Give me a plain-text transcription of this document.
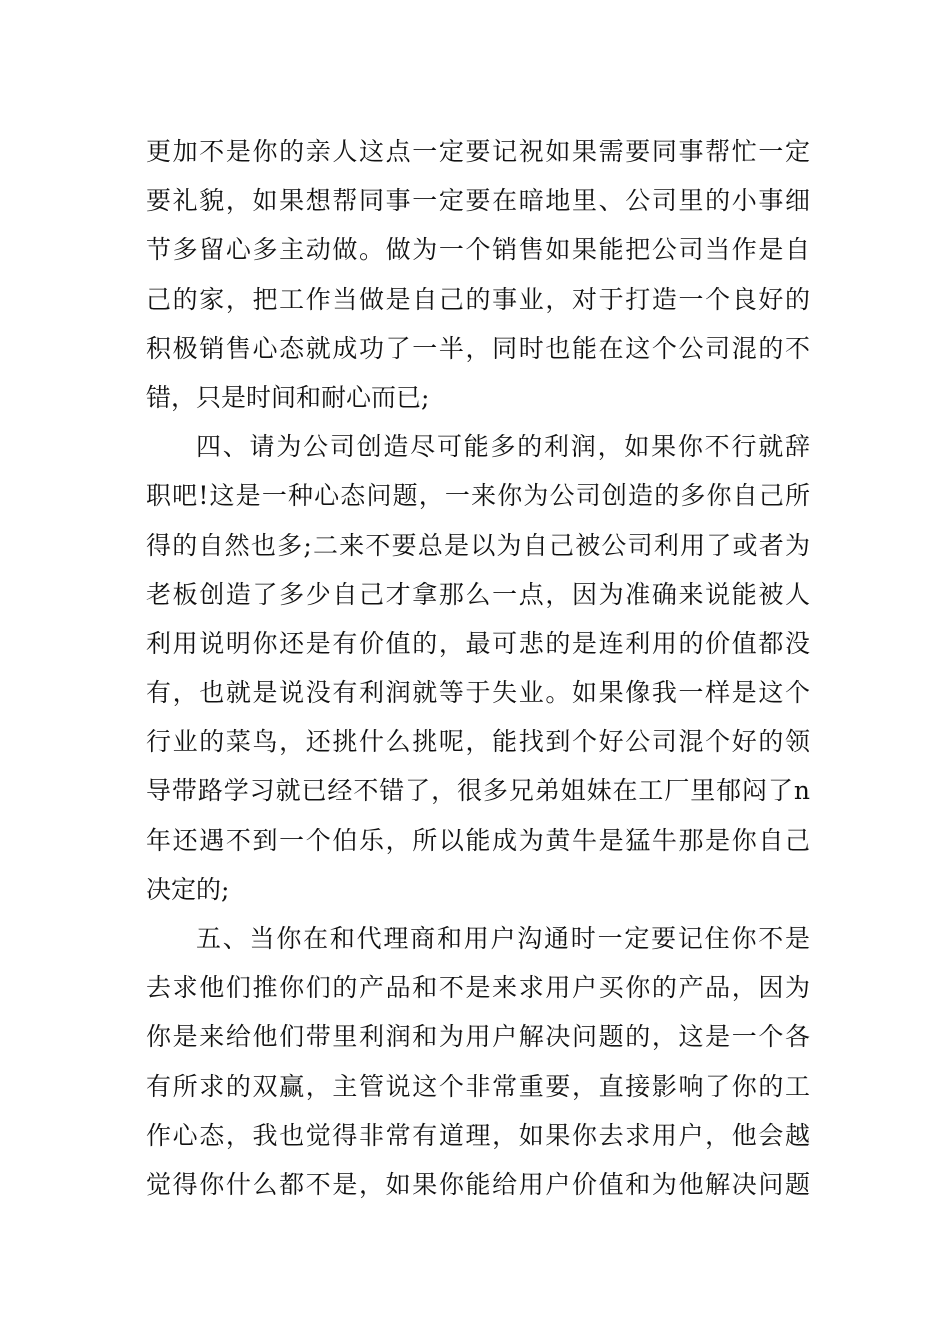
更加不是你的亲人这点一定要记祝如果需要同事帮忙一定
要礼貌，如果想帮同事一定要在暗地里、公司里的小事细
节多留心多主动做。做为一个销售如果能把公司当作是自
己的家，把工作当做是自己的事业，对于打造一个良好的
积极销售心态就成功了一半，同时也能在这个公司混的不
错，只是时间和耐心而已;
四、请为公司创造尽可能多的利润，如果你不行就辞
职吧!这是一种心态问题，一来你为公司创造的多你自己所
得的自然也多;二来不要总是以为自己被公司利用了或者为
老板创造了多少自己才拿那么一点，因为准确来说能被人
利用说明你还是有价值的，最可悲的是连利用的价值都没
有，也就是说没有利润就等于失业。如果像我一样是这个
行业的菜鸟，还挑什么挑呢，能找到个好公司混个好的领
导带路学习就已经不错了，很多兄弟姐妹在工厂里郁闷了n
年还遇不到一个伯乐，所以能成为黄牛是猛牛那是你自己
决定的;
五、当你在和代理商和用户沟通时一定要记住你不是
去求他们推你们的产品和不是来求用户买你的产品，因为
你是来给他们带里利润和为用户解决问题的，这是一个各
有所求的双赢，主管说这个非常重要，直接影响了你的工
作心态，我也觉得非常有道理，如果你去求用户，他会越
觉得你什么都不是，如果你能给用户价值和为他解决问题
